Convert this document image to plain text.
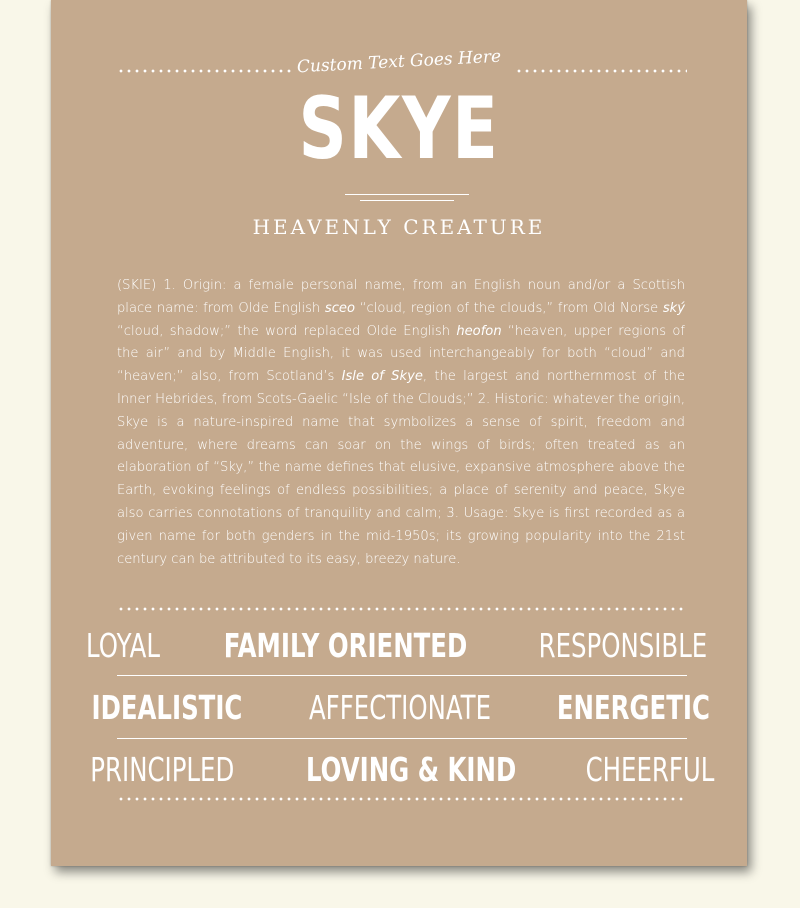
Custom Text Goes Here
SKYE
HEAVENLY CREATURE
(SKIE) 1. Origin: a female personal name, from an English noun and/or a Scottish place name: from Olde English sceo “cloud, region of the clouds,” from Old Norse ský “cloud, shadow;” the word replaced Olde English heofon “heaven, upper regions of the air” and by Middle English, it was used interchangeably for both “cloud” and “heaven;” also, from Scotland’s Isle of Skye, the largest and northernmost of the Inner Hebrides, from Scots-Gaelic “Isle of the Clouds;” 2. Historic: whatever the origin, Skye is a nature-inspired name that symbolizes a sense of spirit, freedom and adventure, where dreams can soar on the wings of birds; often treated as an elaboration of “Sky,” the name defines that elusive, expansive atmosphere above the Earth, evoking feelings of endless possibilities; a place of serenity and peace, Skye also carries connotations of tranquility and calm; 3. Usage: Skye is first recorded as a given name for both genders in the mid-1950s; its growing popularity into the 21st century can be attributed to its easy, breezy nature.
LOYAL FAMILY ORIENTED RESPONSIBLE
IDEALISTIC AFFECTIONATE ENERGETIC
PRINCIPLED LOVING & KIND CHEERFUL
